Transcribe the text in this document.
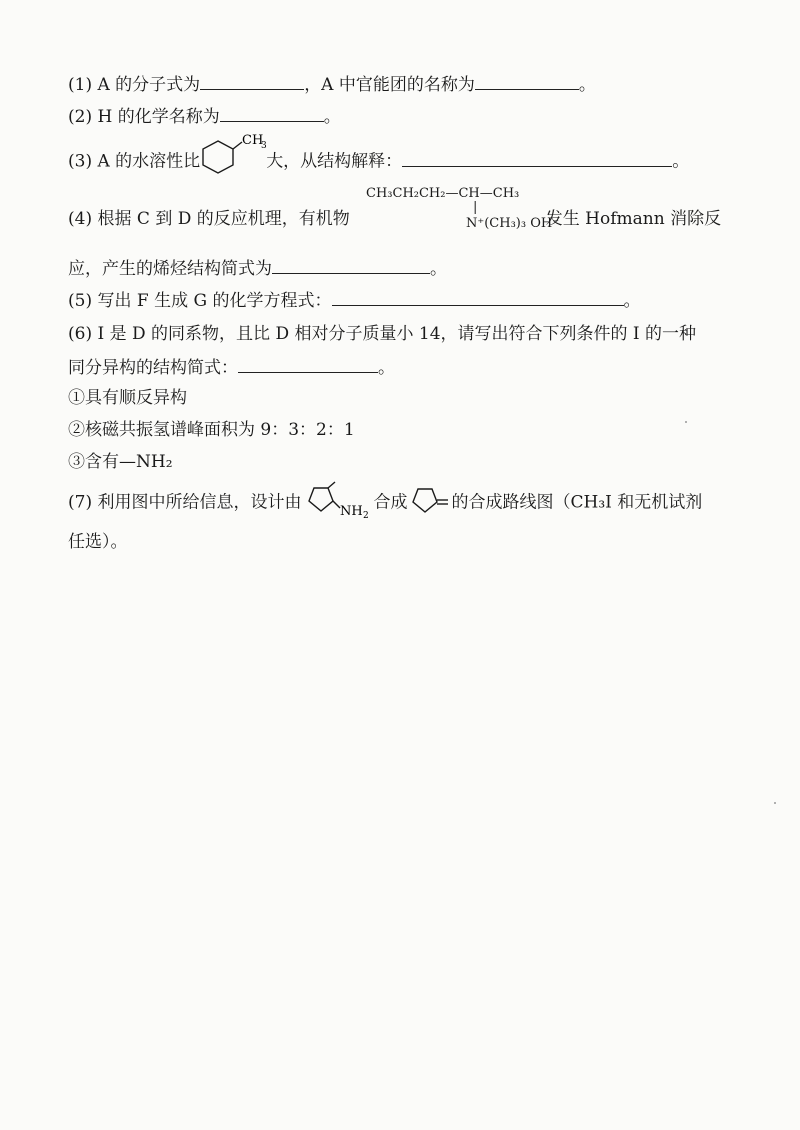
(1) A 的分子式为	，A 中官能团的名称为	。
(2) H 的化学名称为	。
(3) A 的水溶性比
CH
3
大，从结构解释：	。
(4) 根据 C 到 D 的反应机理，有机物	发生 Hofmann 消除反
CH₃CH₂CH₂—CH—CH₃
|
N⁺(CH₃)₃ OH⁻
应，产生的烯烃结构简式为	。
(5) 写出 F 生成 G 的化学方程式：	。
(6) I 是 D 的同系物，且比 D 相对分子质量小 14，请写出符合下列条件的 I 的一种
同分异构的结构简式：	。
①具有顺反异构
②核磁共振氢谱峰面积为 9：3：2：1
③含有—NH₂
(7) 利用图中所给信息，设计由	NH 2
合成	的合成路线图（CH₃I 和无机试剂
任选）。
